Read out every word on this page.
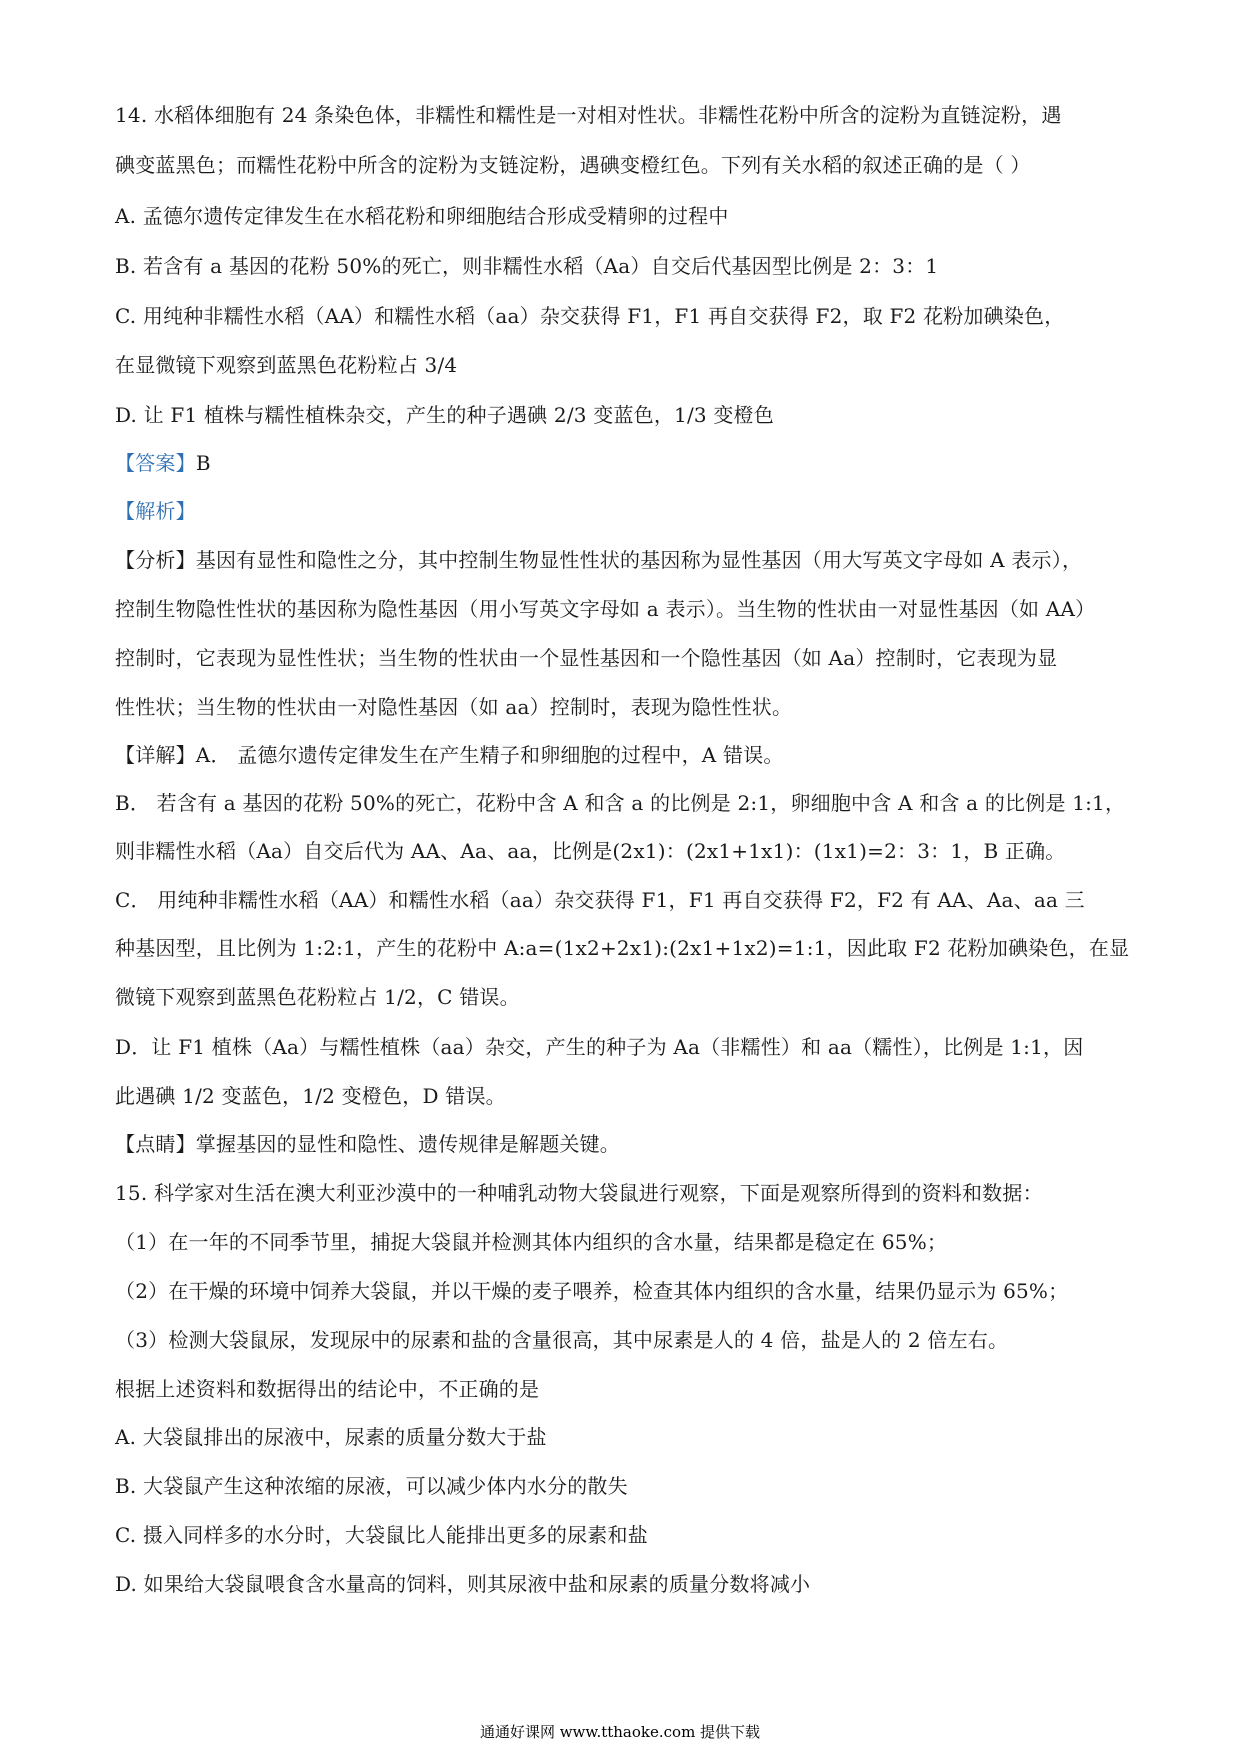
14. 水稻体细胞有 24 条染色体，非糯性和糯性是一对相对性状。非糯性花粉中所含的淀粉为直链淀粉，遇
碘变蓝黑色；而糯性花粉中所含的淀粉为支链淀粉，遇碘变橙红色。下列有关水稻的叙述正确的是（ ）
A. 孟德尔遗传定律发生在水稻花粉和卵细胞结合形成受精卵的过程中
B. 若含有 a 基因的花粉 50%的死亡，则非糯性水稻（Aa）自交后代基因型比例是 2：3：1
C. 用纯种非糯性水稻（AA）和糯性水稻（aa）杂交获得 F1，F1 再自交获得 F2，取 F2 花粉加碘染色，
在显微镜下观察到蓝黑色花粉粒占 3/4
D. 让 F1 植株与糯性植株杂交，产生的种子遇碘 2/3 变蓝色，1/3 变橙色
【答案】B
【解析】
【分析】基因有显性和隐性之分，其中控制生物显性性状的基因称为显性基因（用大写英文字母如 A 表示），
控制生物隐性性状的基因称为隐性基因（用小写英文字母如 a 表示）。当生物的性状由一对显性基因（如 AA）
控制时，它表现为显性性状；当生物的性状由一个显性基因和一个隐性基因（如 Aa）控制时，它表现为显
性性状；当生物的性状由一对隐性基因（如 aa）控制时，表现为隐性性状。
【详解】A． 孟德尔遗传定律发生在产生精子和卵细胞的过程中，A 错误。
B． 若含有 a 基因的花粉 50%的死亡，花粉中含 A 和含 a 的比例是 2:1，卵细胞中含 A 和含 a 的比例是 1:1，
则非糯性水稻（Aa）自交后代为 AA、Aa、aa，比例是(2x1)：(2x1+1x1)：(1x1)=2：3：1，B 正确。
C． 用纯种非糯性水稻（AA）和糯性水稻（aa）杂交获得 F1，F1 再自交获得 F2，F2 有 AA、Aa、aa 三
种基因型，且比例为 1:2:1，产生的花粉中 A:a=(1x2+2x1):(2x1+1x2)=1:1，因此取 F2 花粉加碘染色，在显
微镜下观察到蓝黑色花粉粒占 1/2，C 错误。
D．让 F1 植株（Aa）与糯性植株（aa）杂交，产生的种子为 Aa（非糯性）和 aa（糯性），比例是 1:1，因
此遇碘 1/2 变蓝色，1/2 变橙色，D 错误。
【点睛】掌握基因的显性和隐性、遗传规律是解题关键。
15. 科学家对生活在澳大利亚沙漠中的一种哺乳动物大袋鼠进行观察，下面是观察所得到的资料和数据：
（1）在一年的不同季节里，捕捉大袋鼠并检测其体内组织的含水量，结果都是稳定在 65%；
（2）在干燥的环境中饲养大袋鼠，并以干燥的麦子喂养，检查其体内组织的含水量，结果仍显示为 65%；
（3）检测大袋鼠尿，发现尿中的尿素和盐的含量很高，其中尿素是人的 4 倍，盐是人的 2 倍左右。
根据上述资料和数据得出的结论中，不正确的是
A. 大袋鼠排出的尿液中，尿素的质量分数大于盐
B. 大袋鼠产生这种浓缩的尿液，可以减少体内水分的散失
C. 摄入同样多的水分时，大袋鼠比人能排出更多的尿素和盐
D. 如果给大袋鼠喂食含水量高的饲料，则其尿液中盐和尿素的质量分数将减小
通通好课网 www.tthaoke.com 提供下载
